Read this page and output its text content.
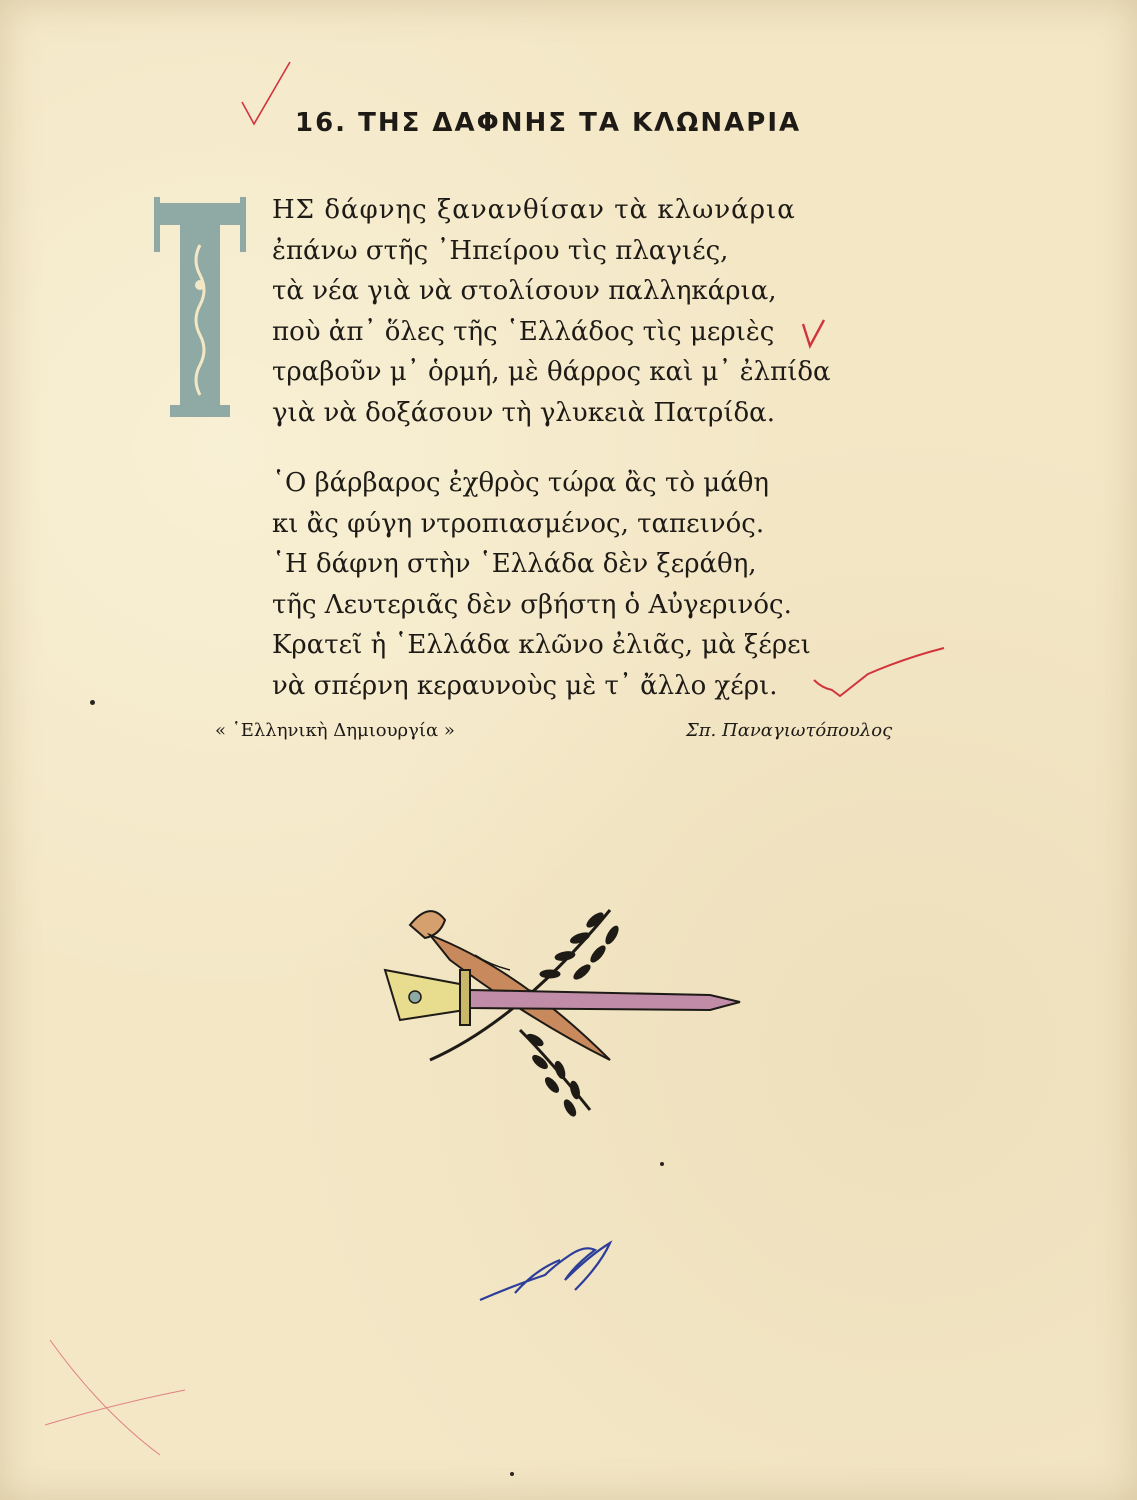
16. ΤΗΣ ΔΑΦΝΗΣ ΤΑ ΚΛΩΝΑΡΙΑ
ΗΣ δάφνης ξανανθίσαν τὰ κλωνάρια
ἐπάνω στῆς ᾿Ηπείρου τὶς πλαγιές,
τὰ νέα γιὰ νὰ στολίσουν παλληκάρια,
ποὺ ἀπ᾿ ὅλες τῆς ῾Ελλάδος τὶς μεριὲς
τραβοῦν μ᾿ ὁρμή, μὲ θάρρος καὶ μ᾿ ἐλπίδα
γιὰ νὰ δοξάσουν τὴ γλυκειὰ Πατρίδα.
῾Ο βάρβαρος ἐχθρὸς τώρα ἂς τὸ μάθη
κι ἂς φύγη ντροπιασμένος, ταπεινός.
῾Η δάφνη στὴν ῾Ελλάδα δὲν ξεράθη,
τῆς Λευτεριᾶς δὲν σβήστη ὁ Αὐγερινός.
Κρατεῖ ἡ ῾Ελλάδα κλῶνο ἐλιᾶς, μὰ ξέρει
νὰ σπέρνη κεραυνοὺς μὲ τ᾿ ἄλλο χέρι.
« ῾Ελληνικὴ Δημιουργία »	Σπ. Παναγιωτόπουλος
